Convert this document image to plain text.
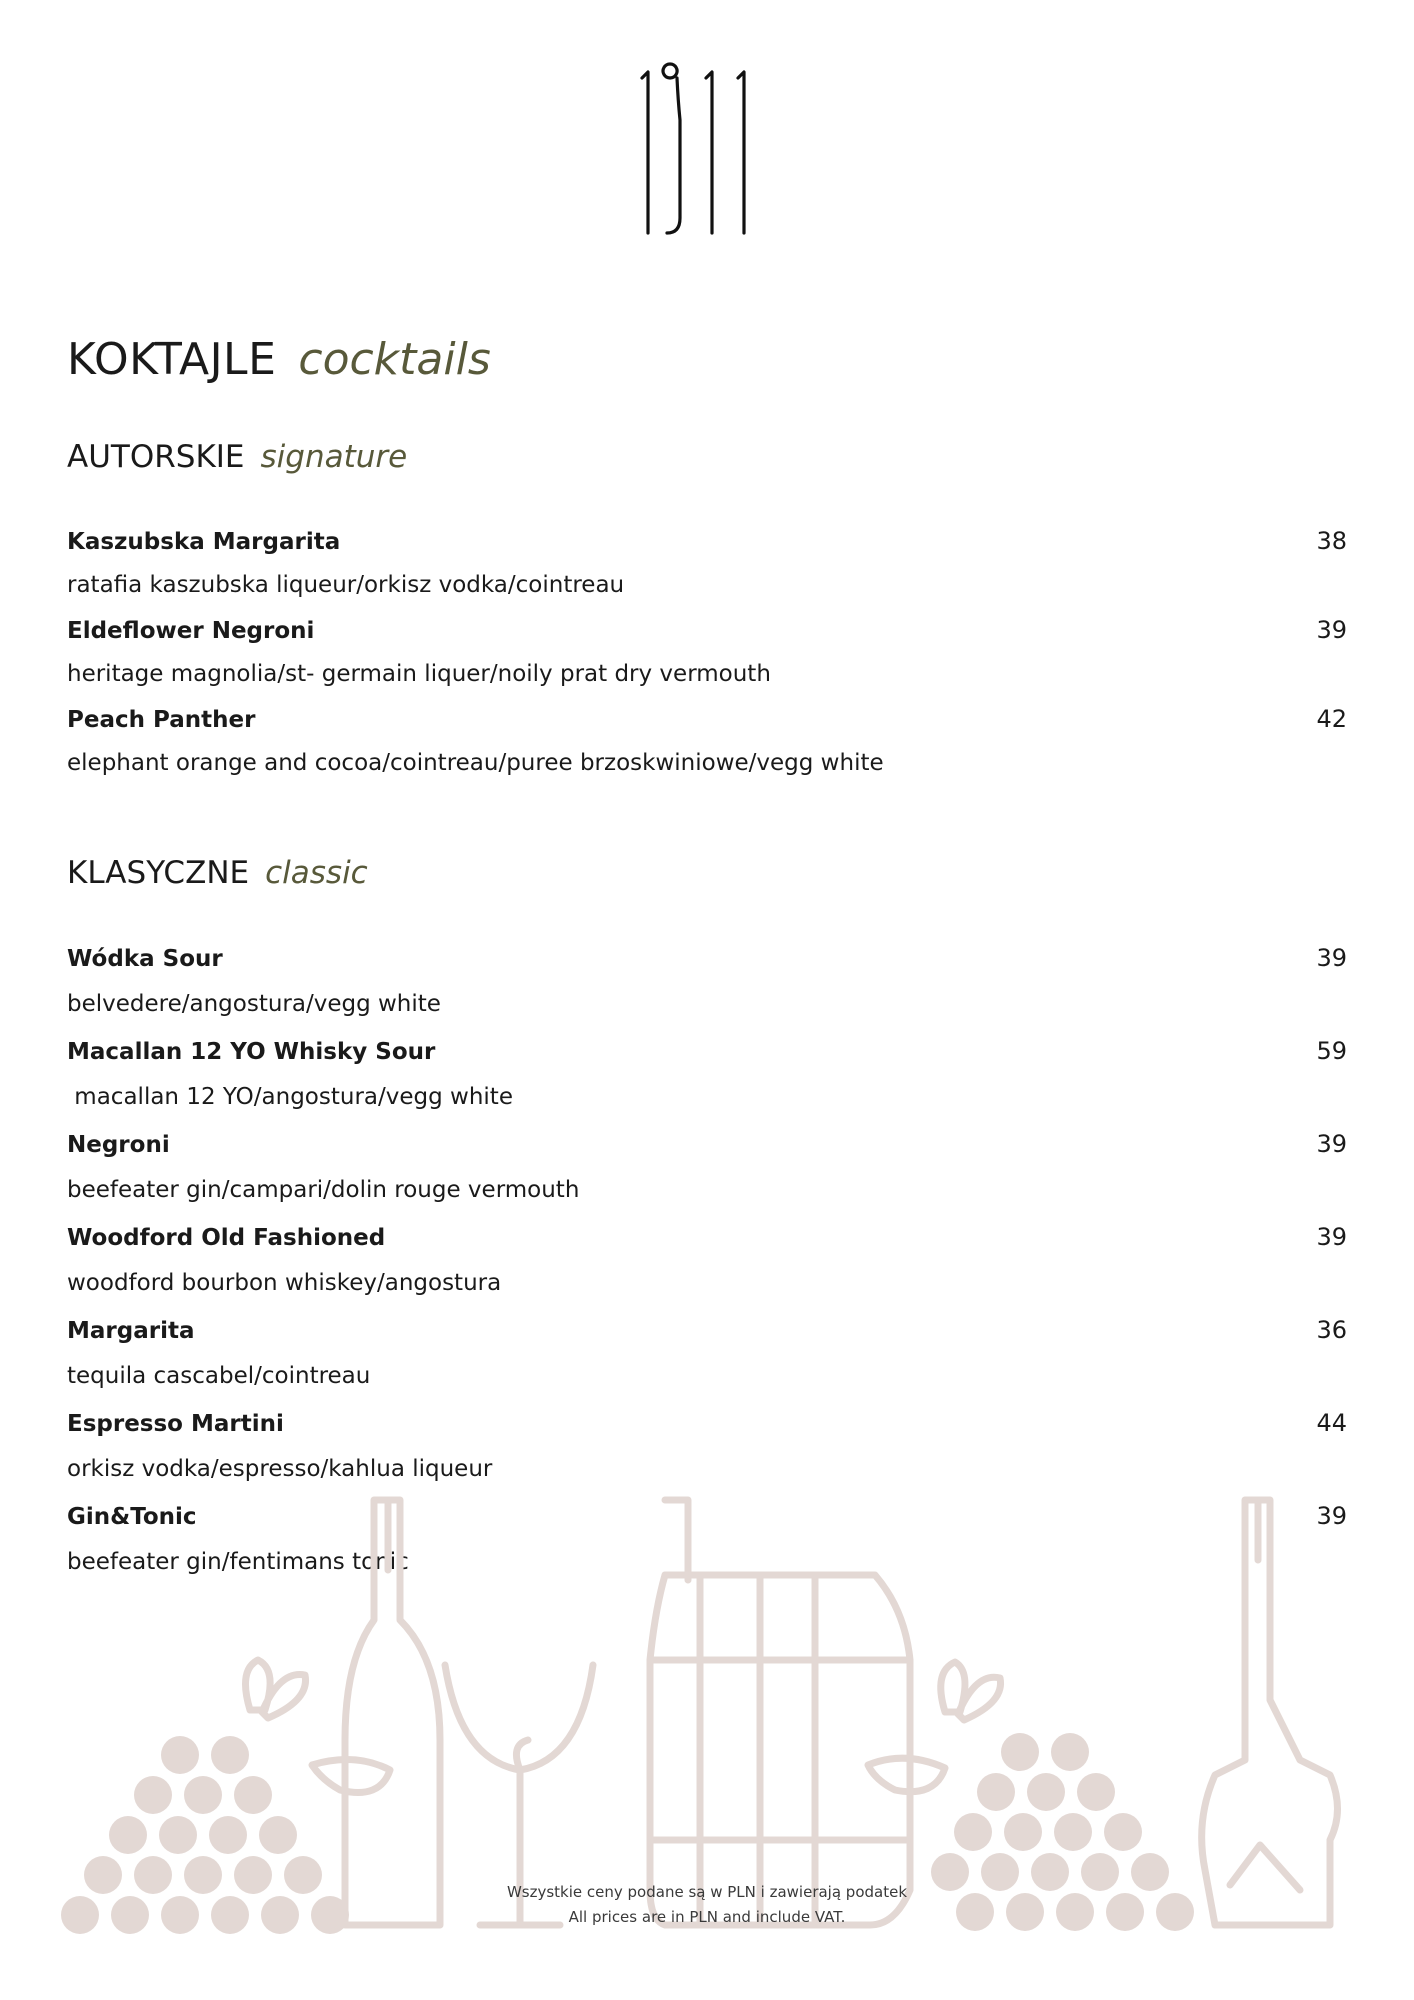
KOKTAJLE cocktails
AUTORSKIE signature
Kaszubska Margarita	38
ratafia kaszubska liqueur/orkisz vodka/cointreau
Eldeflower Negroni	39
heritage magnolia/st- germain liquer/noily prat dry vermouth
Peach Panther	42
elephant orange and cocoa/cointreau/puree brzoskwiniowe/vegg white
KLASYCZNE classic
Wódka Sour	39
belvedere/angostura/vegg white
Macallan 12 YO Whisky Sour	59
macallan 12 YO/angostura/vegg white
Negroni	39
beefeater gin/campari/dolin rouge vermouth
Woodford Old Fashioned	39
woodford bourbon whiskey/angostura
Margarita	36
tequila cascabel/cointreau
Espresso Martini	44
orkisz vodka/espresso/kahlua liqueur
Gin&Tonic	39
beefeater gin/fentimans tonic
Wszystkie ceny podane są w PLN i zawierają podatek
All prices are in PLN and include VAT.
